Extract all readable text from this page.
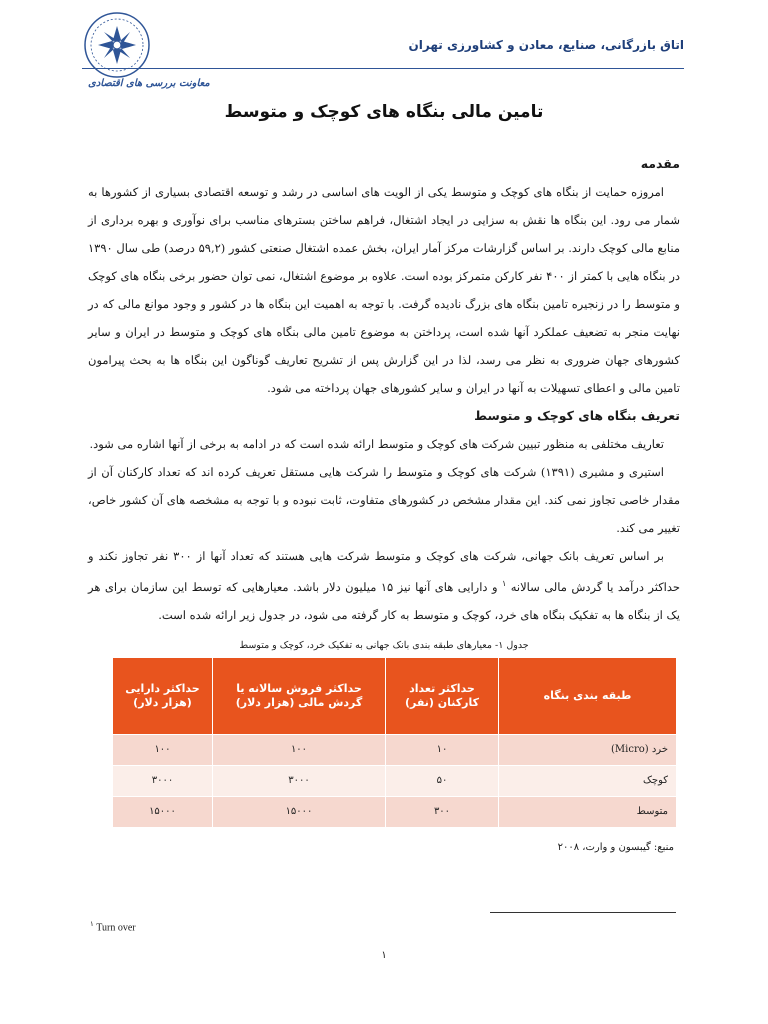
اتاق بازرگانی، صنایع، معادن و کشاورزی تهران
معاونت بررسی های اقتصادی
تامین مالی بنگاه های کوچک و متوسط
مقدمه

امروزه حمایت از بنگاه های کوچک و متوسط یکی از الویت های اساسی در رشد و توسعه اقتصادی بسیاری از کشورها به شمار می رود. این بنگاه ها نقش به سزایی در ایجاد اشتغال، فراهم ساختن بسترهای مناسب برای نوآوری و بهره برداری از منابع مالی کوچک دارند. بر اساس گزارشات مرکز آمار ایران، بخش عمده اشتغال صنعتی کشور (۵۹,۲ درصد) طی سال ۱۳۹۰ در بنگاه هایی با کمتر از ۴۰۰ نفر کارکن متمرکز بوده است. علاوه بر موضوع اشتغال، نمی توان حضور برخی بنگاه های کوچک و متوسط را در زنجیره تامین بنگاه های بزرگ نادیده گرفت. با توجه به اهمیت این بنگاه ها در کشور و وجود موانع مالی که در نهایت منجر به تضعیف عملکرد آنها شده است، پرداختن به موضوع تامین مالی بنگاه های کوچک و متوسط در ایران و سایر کشورهای جهان ضروری به نظر می رسد، لذا در این گزارش پس از تشریح تعاریف گوناگون این بنگاه ها به بحث پیرامون تامین مالی و اعطای تسهیلات به آنها در ایران و سایر کشورهای جهان پرداخته می شود.

تعریف بنگاه های کوچک و متوسط

تعاریف مختلفی به منظور تبیین شرکت های کوچک و متوسط ارائه شده است که در ادامه به برخی از آنها اشاره می شود.

استیری و مشیری (۱۳۹۱) شرکت های کوچک و متوسط را شرکت هایی مستقل تعریف کرده اند که تعداد کارکنان آن از مقدار خاصی تجاوز نمی کند. این مقدار مشخص در کشورهای متفاوت، ثابت نبوده و با توجه به مشخصه های آن کشور خاص، تغییر می کند.

بر اساس تعریف بانک جهانی، شرکت های کوچک و متوسط شرکت هایی هستند که تعداد آنها از ۳۰۰ نفر تجاوز نکند و حداکثر درآمد یا گردش مالی سالانه $^۱$ و دارایی های آنها نیز ۱۵ میلیون دلار باشد. معیارهایی که توسط این سازمان برای هر یک از بنگاه ها به تفکیک بنگاه های خرد، کوچک و متوسط به کار گرفته می شود، در جدول زیر ارائه شده است.

جدول ۱- معیارهای طبقه بندی بانک جهانی به تفکیک خرد، کوچک و متوسط
طبقه بندی بنگاه	حداکثر تعداد کارکنان (نفر)	حداکثر فروش سالانه یا گردش مالی (هزار دلار)	حداکثر دارایی (هزار دلار)
خرد (Micro)	۱۰	۱۰۰	۱۰۰
کوچک	۵۰	۳۰۰۰	۳۰۰۰
متوسط	۳۰۰	۱۵۰۰۰	۱۵۰۰۰
منبع: گیبسون و وارت، ۲۰۰۸
$^۱$ Turn over
۱
